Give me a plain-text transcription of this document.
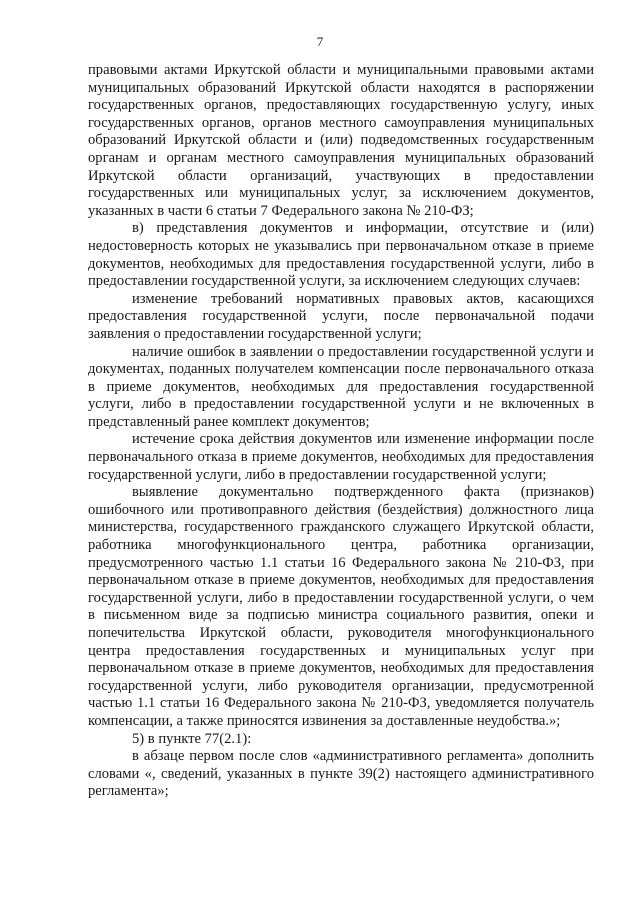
7

правовыми актами Иркутской области и муниципальными правовыми актами муниципальных образований Иркутской области находятся в распоряжении государственных органов, предоставляющих государственную услугу, иных государственных органов, органов местного самоуправления муниципальных образований Иркутской области и (или) подведомственных государственным органам и органам местного самоуправления муниципальных образований Иркутской области организаций, участвующих в предоставлении государственных или муниципальных услуг, за исключением документов, указанных в части 6 статьи 7 Федерального закона № 210-ФЗ;

в) представления документов и информации, отсутствие и (или) недостоверность которых не указывались при первоначальном отказе в приеме документов, необходимых для предоставления государственной услуги, либо в предоставлении государственной услуги, за исключением следующих случаев:

изменение требований нормативных правовых актов, касающихся предоставления государственной услуги, после первоначальной подачи заявления о предоставлении государственной услуги;

наличие ошибок в заявлении о предоставлении государственной услуги и документах, поданных получателем компенсации после первоначального отказа в приеме документов, необходимых для предоставления государственной услуги, либо в предоставлении государственной услуги и не включенных в представленный ранее комплект документов;

истечение срока действия документов или изменение информации после первоначального отказа в приеме документов, необходимых для предоставления государственной услуги, либо в предоставлении государственной услуги;

выявление документально подтвержденного факта (признаков) ошибочного или противоправного действия (бездействия) должностного лица министерства, государственного гражданского служащего Иркутской области, работника многофункционального центра, работника организации, предусмотренного частью 1.1 статьи 16 Федерального закона № 210-ФЗ, при первоначальном отказе в приеме документов, необходимых для предоставления государственной услуги, либо в предоставлении государственной услуги, о чем в письменном виде за подписью министра социального развития, опеки и попечительства Иркутской области, руководителя многофункционального центра предоставления государственных и муниципальных услуг при первоначальном отказе в приеме документов, необходимых для предоставления государственной услуги, либо руководителя организации, предусмотренной частью 1.1 статьи 16 Федерального закона № 210-ФЗ, уведомляется получатель компенсации, а также приносятся извинения за доставленные неудобства.»;

5) в пункте 77(2.1):

в абзаце первом после слов «административного регламента» дополнить словами «, сведений, указанных в пункте 39(2) настоящего административного регламента»;
